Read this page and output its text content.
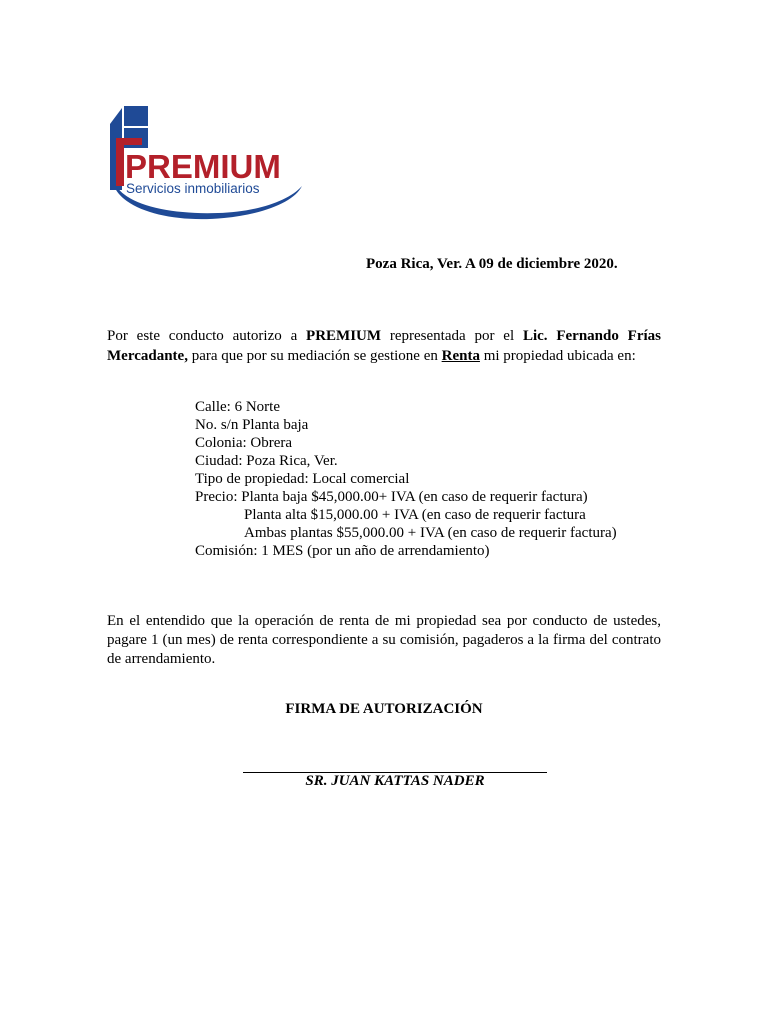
PREMIUM
Servicios inmobiliarios
Poza Rica, Ver. A 09 de diciembre 2020.
Por este conducto autorizo a PREMIUM representada por el Lic. Fernando Frías
Mercadante, para que por su mediación se gestione en Renta mi propiedad ubicada en:
Calle: 6 Norte
No. s/n Planta baja
Colonia: Obrera
Ciudad: Poza Rica, Ver.
Tipo de propiedad: Local comercial
Precio: Planta baja $45,000.00+ IVA (en caso de requerir factura)
Planta alta $15,000.00 + IVA (en caso de requerir factura
Ambas plantas $55,000.00 + IVA (en caso de requerir factura)
Comisión: 1 MES (por un año de arrendamiento)
En el entendido que la operación de renta de mi propiedad sea por conducto de ustedes,
pagare 1 (un mes) de renta correspondiente a su comisión, pagaderos a la firma del contrato
de arrendamiento.
FIRMA DE AUTORIZACIÓN
SR. JUAN KATTAS NADER
